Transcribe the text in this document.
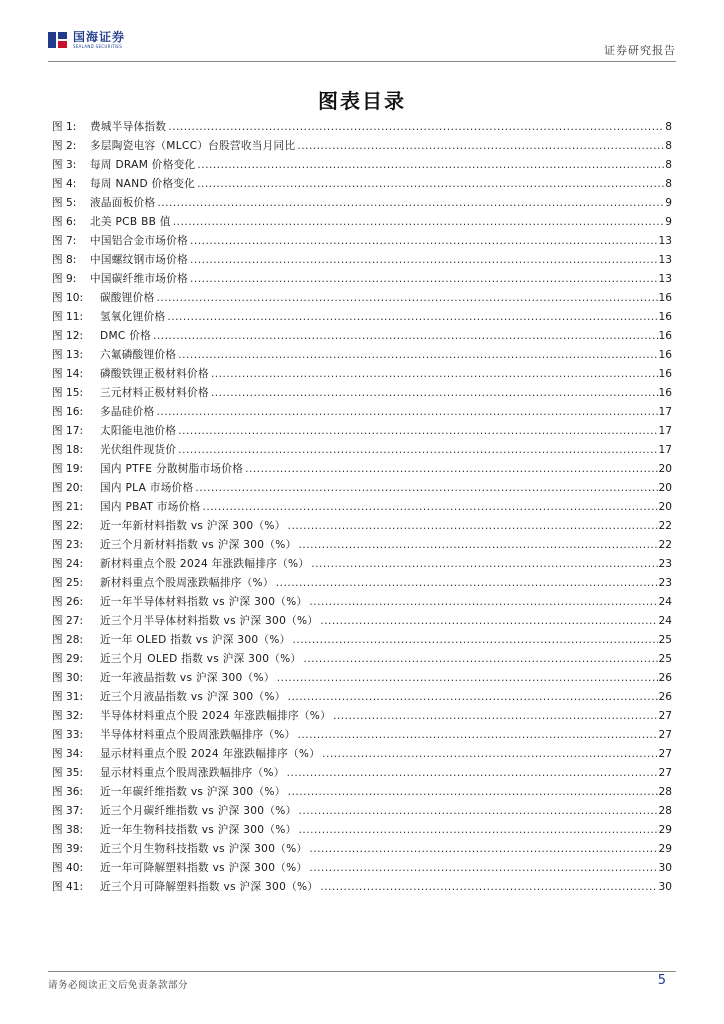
国海证券
SEALAND SECURITIES	证券研究报告
图表目录
图 1:	费城半导体指数 .....	8
图 2:	多层陶瓷电容（MLCC）台股营收当月同比 .....	8
图 3:	每周 DRAM 价格变化 .....	8
图 4:	每周 NAND 价格变化 .....	8
图 5:	液晶面板价格 .....	9
图 6:	北美 PCB BB 值 .....	9
图 7:	中国铝合金市场价格 .....	13
图 8:	中国螺纹钢市场价格 .....	13
图 9:	中国碳纤维市场价格 .....	13
图 10:	碳酸锂价格 .....	16
图 11:	氢氧化锂价格 .....	16
图 12:	DMC 价格 .....	16
图 13:	六氟磷酸锂价格 .....	16
图 14:	磷酸铁锂正极材料价格 .....	16
图 15:	三元材料正极材料价格 .....	16
图 16:	多晶硅价格 .....	17
图 17:	太阳能电池价格 .....	17
图 18:	光伏组件现货价 .....	17
图 19:	国内 PTFE 分散树脂市场价格 .....	20
图 20:	国内 PLA 市场价格 .....	20
图 21:	国内 PBAT 市场价格 .....	20
图 22:	近一年新材料指数 vs 沪深 300（%） .....	22
图 23:	近三个月新材料指数 vs 沪深 300（%） .....	22
图 24:	新材料重点个股 2024 年涨跌幅排序（%） .....	23
图 25:	新材料重点个股周涨跌幅排序（%） .....	23
图 26:	近一年半导体材料指数 vs 沪深 300（%） .....	24
图 27:	近三个月半导体材料指数 vs 沪深 300（%） .....	24
图 28:	近一年 OLED 指数 vs 沪深 300（%） .....	25
图 29:	近三个月 OLED 指数 vs 沪深 300（%） .....	25
图 30:	近一年液晶指数 vs 沪深 300（%） .....	26
图 31:	近三个月液晶指数 vs 沪深 300（%） .....	26
图 32:	半导体材料重点个股 2024 年涨跌幅排序（%） .....	27
图 33:	半导体材料重点个股周涨跌幅排序（%） .....	27
图 34:	显示材料重点个股 2024 年涨跌幅排序（%） .....	27
图 35:	显示材料重点个股周涨跌幅排序（%） .....	27
图 36:	近一年碳纤维指数 vs 沪深 300（%） .....	28
图 37:	近三个月碳纤维指数 vs 沪深 300（%） .....	28
图 38:	近一年生物科技指数 vs 沪深 300（%） .....	29
图 39:	近三个月生物科技指数 vs 沪深 300（%） .....	29
图 40:	近一年可降解塑料指数 vs 沪深 300（%） .....	30
图 41:	近三个月可降解塑料指数 vs 沪深 300（%） .....	30
请务必阅读正文后免责条款部分	5
